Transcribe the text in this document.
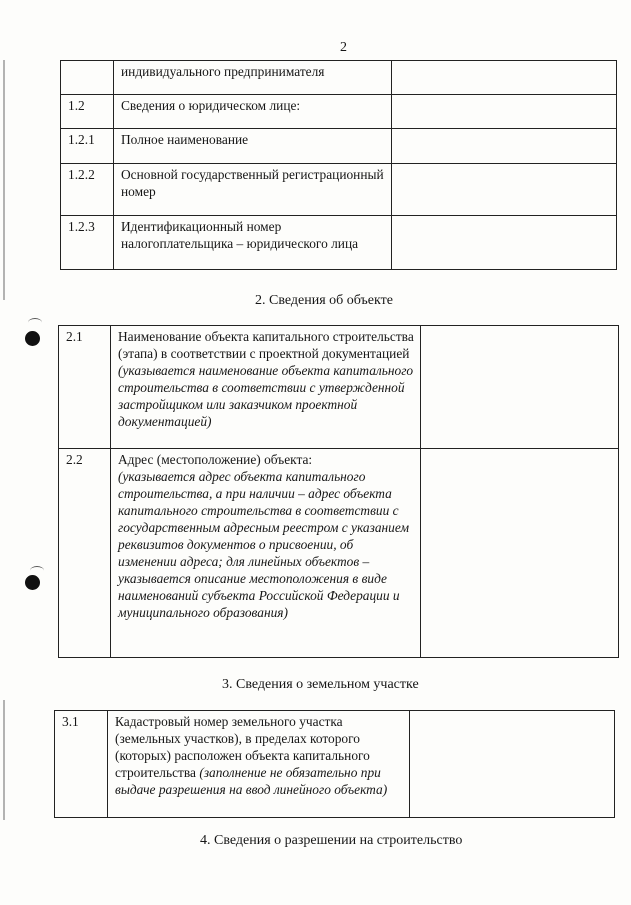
2
	индивидуального предпринимателя	
1.2	Сведения о юридическом лице:	
1.2.1	Полное наименование	
1.2.2	Основной государственный регистрационный номер	
1.2.3	Идентификационный номер налогоплательщика – юридического лица	
2. Сведения об объекте
2.1	Наименование объекта капитального строительства (этапа) в соответствии с проектной документацией (указывается наименование объекта капитального строительства в соответствии с утвержденной застройщиком или заказчиком проектной документацией)	
2.2	Адрес (местоположение) объекта:
(указывается адрес объекта капитального строительства, а при наличии – адрес объекта капитального строительства в соответствии с государственным адресным реестром с указанием реквизитов документов о присвоении, об изменении адреса; для линейных объектов – указывается описание местоположения в виде наименований субъекта Российской Федерации и муниципального образования)	
3. Сведения о земельном участке
3.1	Кадастровый номер земельного участка (земельных участков), в пределах которого (которых) расположен объекта капитального строительства (заполнение не обязательно при выдаче разрешения на ввод линейного объекта)	
4. Сведения о разрешении на строительство
